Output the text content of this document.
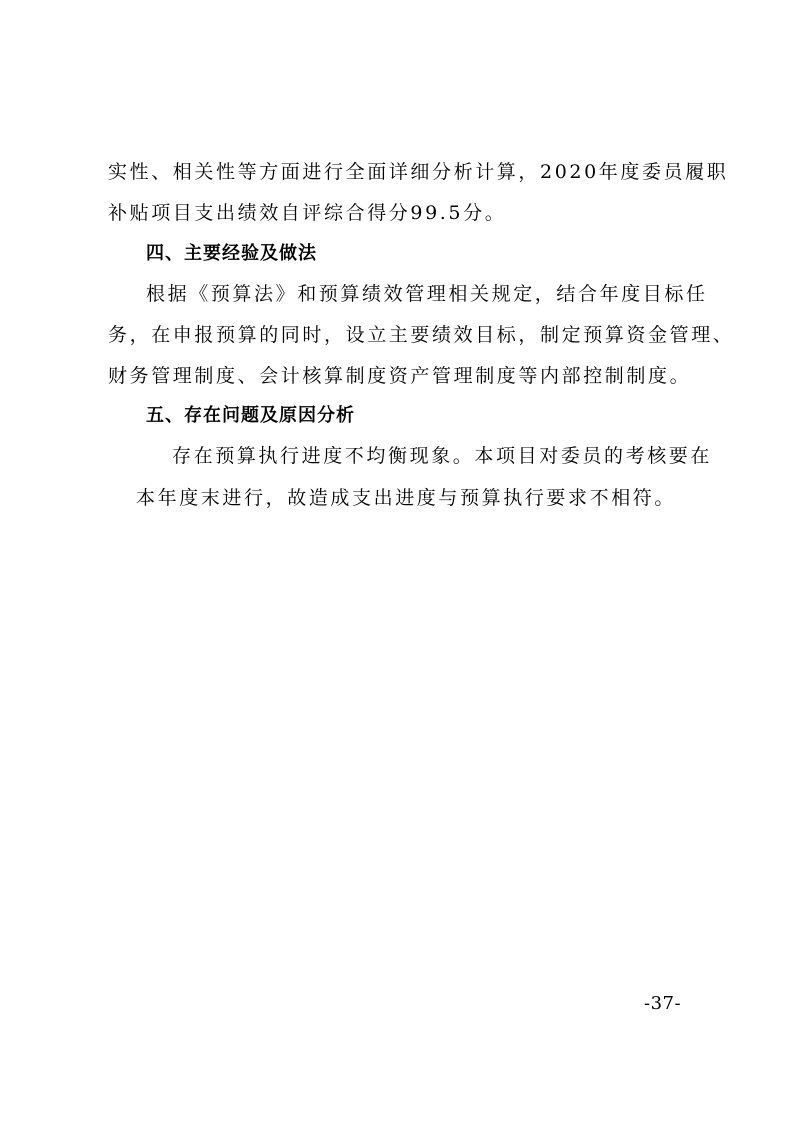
实性、相关性等方面进行全面详细分析计算，2020年度委员履职
补贴项目支出绩效自评综合得分99.5分。
四、主要经验及做法
根据《预算法》和预算绩效管理相关规定，结合年度目标任
务，在申报预算的同时，设立主要绩效目标，制定预算资金管理、
财务管理制度、会计核算制度资产管理制度等内部控制制度。
五、存在问题及原因分析
存在预算执行进度不均衡现象。本项目对委员的考核要在
本年度末进行，故造成支出进度与预算执行要求不相符。
-37-
